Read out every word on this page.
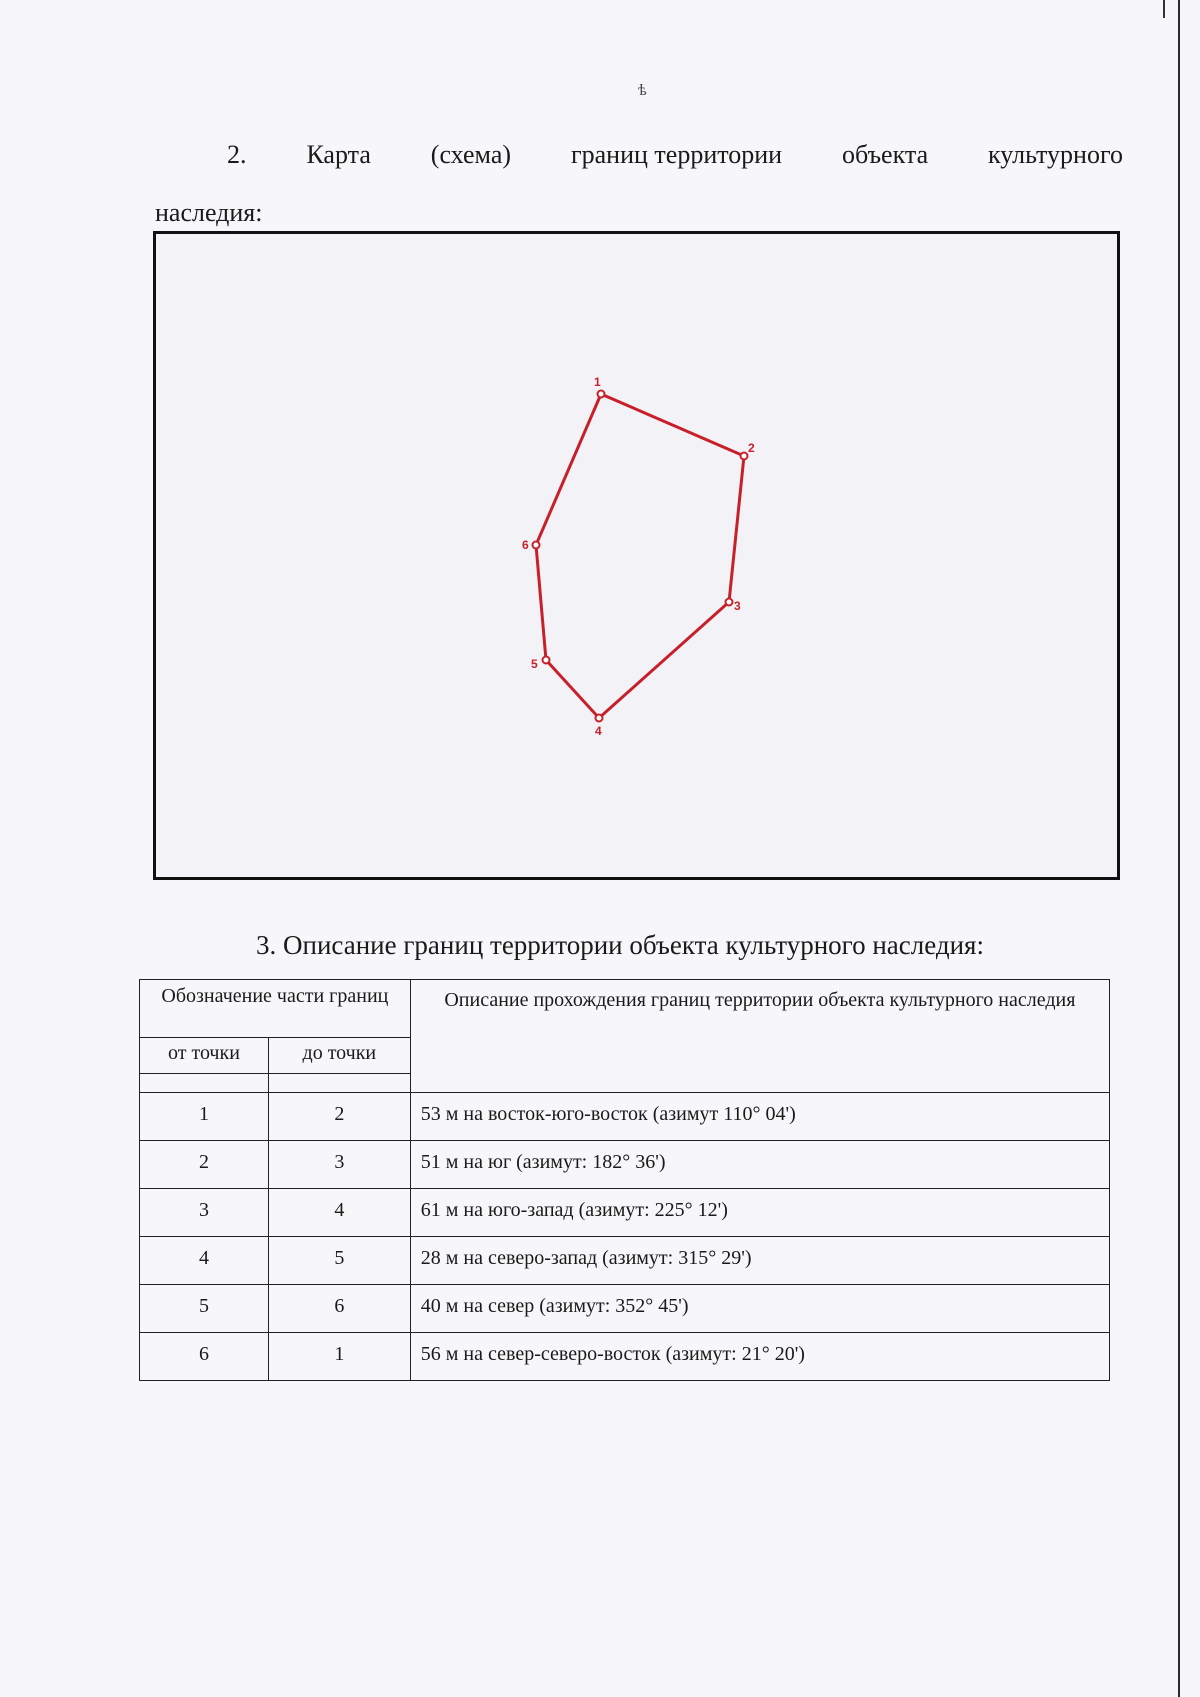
ѣ
2. Карта (схема) границ территории объекта культурного
наследия:
1
2
3
4
5
6
3. Описание границ территории объекта культурного наследия:
Обозначение части границ		Описание прохождения границ территории объекта культурного наследия
от точки	до точки	

1	2	53 м на восток-юго-восток (азимут 110° 04')
2	3	51 м на юг (азимут: 182° 36')
3	4	61 м на юго-запад (азимут: 225° 12')
4	5	28 м на северо-запад (азимут: 315° 29')
5	6	40 м на север (азимут: 352° 45')
6	1	56 м на север-северо-восток (азимут: 21° 20')
